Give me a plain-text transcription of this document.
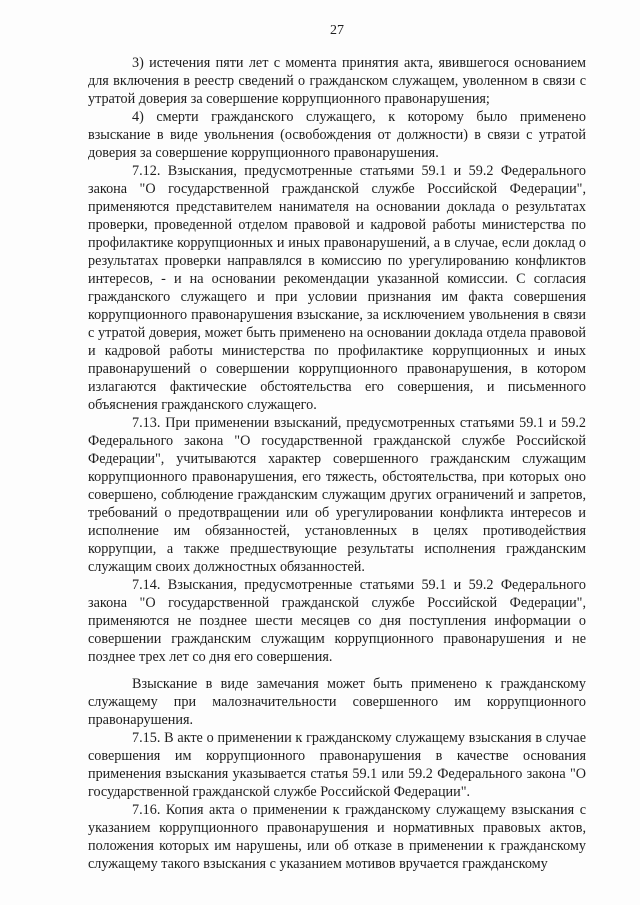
27

3) истечения пяти лет с момента принятия акта, явившегося основанием для включения в реестр сведений о гражданском служащем, уволенном в связи с утратой доверия за совершение коррупционного правонарушения;

4) смерти гражданского служащего, к которому было применено взыскание в виде увольнения (освобождения от должности) в связи с утратой доверия за совершение коррупционного правонарушения.

7.12. Взыскания, предусмотренные статьями 59.1 и 59.2 Федерального закона "О государственной гражданской службе Российской Федерации", применяются представителем нанимателя на основании доклада о результатах проверки, проведенной отделом правовой и кадровой работы министерства по профилактике коррупционных и иных правонарушений, а в случае, если доклад о результатах проверки направлялся в комиссию по урегулированию конфликтов интересов, - и на основании рекомендации указанной комиссии. С согласия гражданского служащего и при условии признания им факта совершения коррупционного правонарушения взыскание, за исключением увольнения в связи с утратой доверия, может быть применено на основании доклада отдела правовой и кадровой работы министерства по профилактике коррупционных и иных правонарушений о совершении коррупционного правонарушения, в котором излагаются фактические обстоятельства его совершения, и письменного объяснения гражданского служащего.

7.13. При применении взысканий, предусмотренных статьями 59.1 и 59.2 Федерального закона "О государственной гражданской службе Российской Федерации", учитываются характер совершенного гражданским служащим коррупционного правонарушения, его тяжесть, обстоятельства, при которых оно совершено, соблюдение гражданским служащим других ограничений и запретов, требований о предотвращении или об урегулировании конфликта интересов и исполнение им обязанностей, установленных в целях противодействия коррупции, а также предшествующие результаты исполнения гражданским служащим своих должностных обязанностей.

7.14. Взыскания, предусмотренные статьями 59.1 и 59.2 Федерального закона "О государственной гражданской службе Российской Федерации", применяются не позднее шести месяцев со дня поступления информации о совершении гражданским служащим коррупционного правонарушения и не позднее трех лет со дня его совершения.

Взыскание в виде замечания может быть применено к гражданскому служащему при малозначительности совершенного им коррупционного правонарушения.

7.15. В акте о применении к гражданскому служащему взыскания в случае совершения им коррупционного правонарушения в качестве основания применения взыскания указывается статья 59.1 или 59.2 Федерального закона "О государственной гражданской службе Российской Федерации".

7.16. Копия акта о применении к гражданскому служащему взыскания с указанием коррупционного правонарушения и нормативных правовых актов, положения которых им нарушены, или об отказе в применении к гражданскому служащему такого взыскания с указанием мотивов вручается гражданскому
